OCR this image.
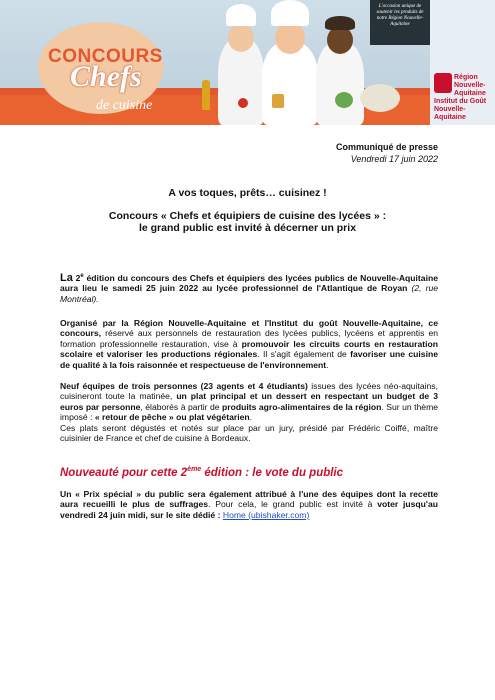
L'occasion unique de soutenir les produits de notre Région Nouvelle-Aquitaine
CONCOURS
Chefs
de cuisine
Région Nouvelle-Aquitaine
Institut du Goût Nouvelle-Aquitaine

Communiqué de presse

Vendredi 17 juin 2022

A vos toques, prêts… cuisinez !

Concours « Chefs et équipiers de cuisine des lycées » :

le grand public est invité à décerner un prix

La 2e édition du concours des Chefs et équipiers des lycées publics de Nouvelle-Aquitaine aura lieu le samedi 25 juin 2022 au lycée professionnel de l'Atlantique de Royan (2, rue Montréal).

Organisé par la Région Nouvelle-Aquitaine et l'Institut du goût Nouvelle-Aquitaine, ce concours, réservé aux personnels de restauration des lycées publics, lycéens et apprentis en formation professionnelle restauration, vise à promouvoir les circuits courts en restauration scolaire et valoriser les productions régionales. Il s'agit également de favoriser une cuisine de qualité à la fois raisonnée et respectueuse de l'environnement.

Neuf équipes de trois personnes (23 agents et 4 étudiants) issues des lycées néo-aquitains, cuisineront toute la matinée, un plat principal et un dessert en respectant un budget de 3 euros par personne, élaborés à partir de produits agro-alimentaires de la région. Sur un thème imposé : « retour de pêche » ou plat végétarien.
Ces plats seront dégustés et notés sur place par un jury, présidé par Frédéric Coiffé, maître cuisinier de France et chef de cuisine à Bordeaux.

Nouveauté pour cette 2ème édition : le vote du public

Un « Prix spécial » du public sera également attribué à l'une des équipes dont la recette aura recueilli le plus de suffrages. Pour cela, le grand public est invité à voter jusqu'au vendredi 24 juin midi, sur le site dédié : Home (ubishaker.com)
